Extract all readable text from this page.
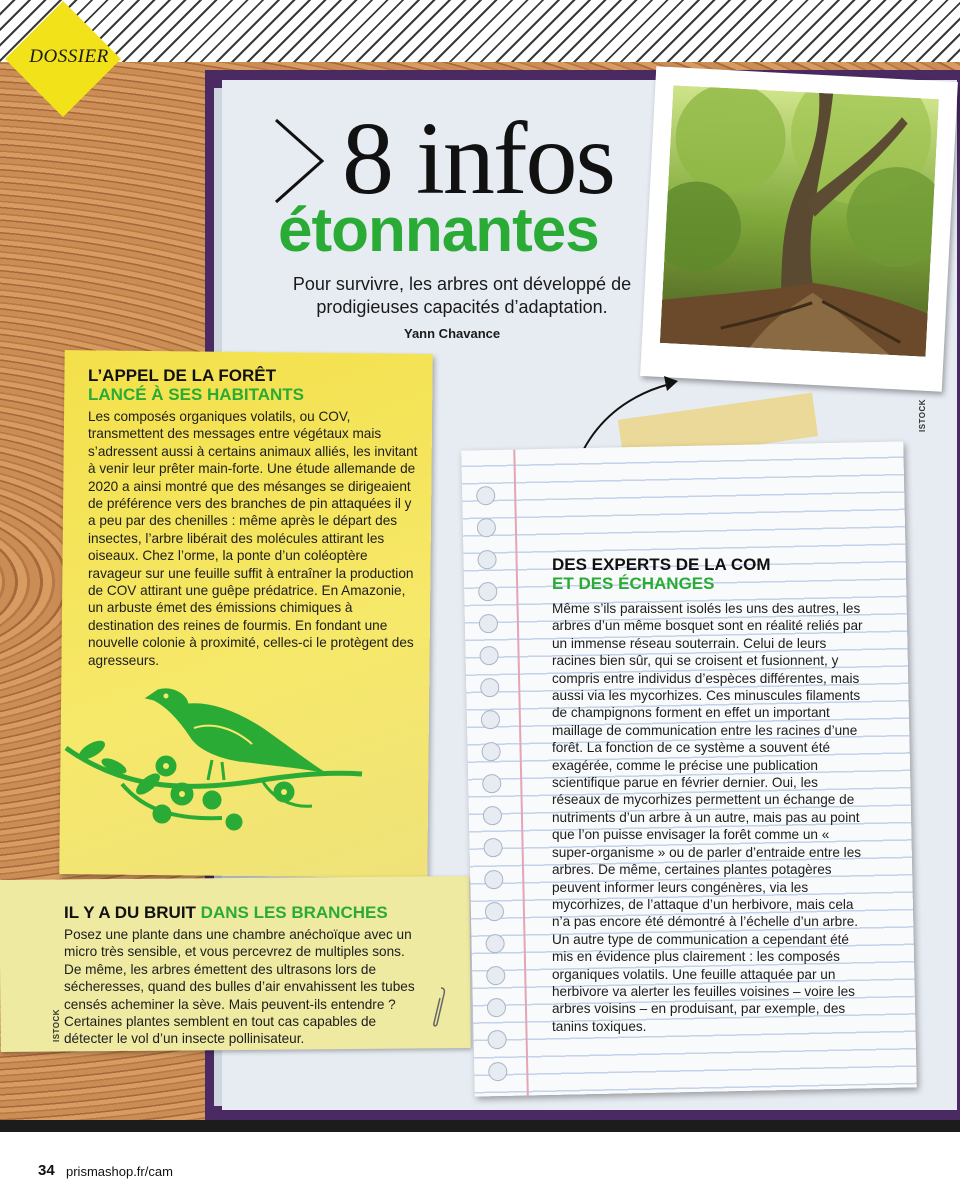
DOSSIER
8 infos
étonnantes
Pour survivre, les arbres ont développé de prodigieuses capacités d’adaptation.
Yann Chavance
ISTOCK
L’APPEL DE LA FORÊT
LANCÉ À SES HABITANTS
Les composés organiques volatils, ou COV, transmettent des messages entre végétaux mais s’adressent aussi à certains animaux alliés, les invitant à venir leur prêter main-forte. Une étude allemande de 2020 a ainsi montré que des mésanges se dirigeaient de préférence vers des branches de pin attaquées il y a peu par des chenilles : même après le départ des insectes, l’arbre libérait des molécules attirant les oiseaux. Chez l’orme, la ponte d’un coléoptère ravageur sur une feuille suffit à entraîner la production de COV attirant une guêpe prédatrice. En Amazonie, un arbuste émet des émissions chimiques à destination des reines de fourmis. En fondant une nouvelle colonie à proximité, celles-ci le protègent des agresseurs.
IL Y A DU BRUIT DANS LES BRANCHES
Posez une plante dans une chambre anéchoïque avec un micro très sensible, et vous percevrez de multiples sons. De même, les arbres émettent des ultrasons lors de sécheresses, quand des bulles d’air envahissent les tubes censés acheminer la sève. Mais peuvent-ils entendre ? Certaines plantes semblent en tout cas capables de détecter le vol d’un insecte pollinisateur.
ISTOCK
DES EXPERTS DE LA COM
ET DES ÉCHANGES
Même s’ils paraissent isolés les uns des autres, les arbres d’un même bosquet sont en réalité reliés par un immense réseau souterrain. Celui de leurs racines bien sûr, qui se croisent et fusionnent, y compris entre individus d’espèces différentes, mais aussi via les mycorhizes. Ces minuscules filaments de champignons forment en effet un important maillage de communication entre les racines d’une forêt. La fonction de ce système a souvent été exagérée, comme le précise une publication scientifique parue en février dernier. Oui, les réseaux de mycorhizes permettent un échange de nutriments d’un arbre à un autre, mais pas au point que l’on puisse envisager la forêt comme un « super-organisme » ou de parler d’entraide entre les arbres. De même, certaines plantes potagères peuvent informer leurs congénères, via les mycorhizes, de l’attaque d’un herbivore, mais cela n’a pas encore été démontré à l’échelle d’un arbre. Un autre type de communication a cependant été mis en évidence plus clairement : les composés organiques volatils. Une feuille attaquée par un herbivore va alerter les feuilles voisines – voire les arbres voisins – en produisant, par exemple, des tanins toxiques.
34 prismashop.fr/cam
